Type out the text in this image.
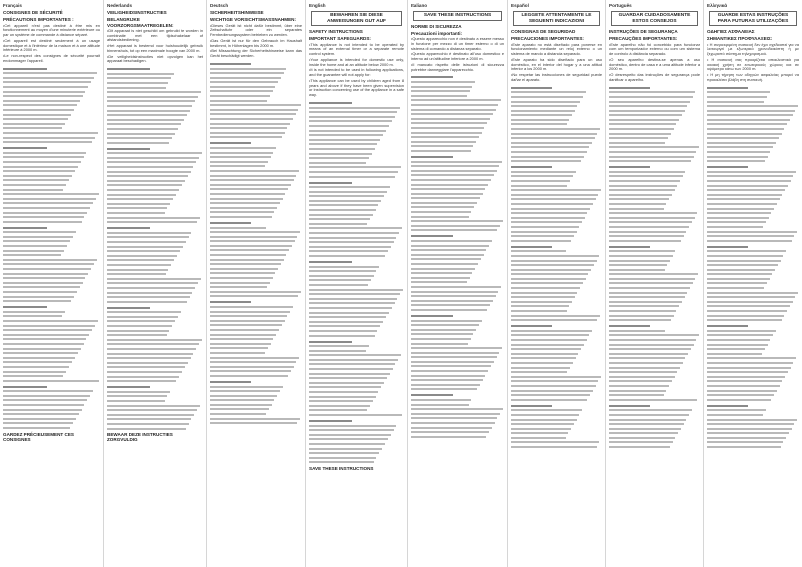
Français
CONSIGNES DE SÉCURITÉ
PRÉCAUTIONS IMPORTANTES :
•Cet appareil n'est pas destiné à être mis en fonctionnement au moyen d'une minuterie extérieure ou par un système de commande à distance séparé.
•Cet appareil est destiné seulement à un usage domestique et à l'intérieur de la maison et à une altitude inférieure à 2000 m.
•Le non-respect des consignes de sécurité pourrait endommager l'appareil.
GARDEZ PRÉCIEUSEMENT CES CONSIGNES
Nederlands
VEILIGHEIDSINSTRUCTIES
BELANGRIJKE VOORZORGSMAATREGELEN:
•Dit apparaat is niet geschikt om gebruikt te worden in combinatie met een tijdschakelaar of afstandsbediening.
•Het apparaat is bestemd voor huishoudelijk gebruik binnenshuis, tot op een maximale hoogte van 2000 m.
•De veiligheidsinstructies niet opvolgen kan het apparaat beschadigen.
BEWAAR DEZE INSTRUCTIES ZORGVULDIG
Deutsch
SICHERHEITSHINWEISE
WICHTIGE VORSICHTSMASSNAHMEN:
•Dieses Gerät ist nicht dafür bestimmt, über eine Zeitschaltuhr oder ein separates Fernbedienungssystem betrieben zu werden.
•Das Gerät ist nur für den Gebrauch im Haushalt bestimmt, in Höhenlagen bis 2000 m.
•Bei Missachtung der Sicherheitshinweise kann das Gerät beschädigt werden.
English
BEWAHREN SIE DIESE ANWEISUNGEN GUT AUF
SAFETY INSTRUCTIONS
IMPORTANT SAFEGUARDS:
•This appliance is not intended to be operated by means of an external timer or a separate remote control system.
•Your appliance is intended for domestic use only, inside the home and at an altitude below 2000 m.
•It is not intended to be used in following applications, and the guarantee will not apply for:
•This appliance can be used by children aged from 8 years and above if they have been given supervision or instruction concerning use of the appliance in a safe way.
SAVE THESE INSTRUCTIONS
Italiano
SAVE THESE INSTRUCTIONS
NORME DI SICUREZZA
Precauzioni importanti:
•Questo apparecchio non è destinato a essere messo in funzione per mezzo di un timer esterno o di un sistema di comando a distanza separato.
•Questo apparecchio è destinato all'uso domestico e interno ad un'altitudine inferiore a 2000 m.
•Il mancato rispetto delle istruzioni di sicurezza potrebbe danneggiare l'apparecchio.
Español
LEGGETE ATTENTAMENTE LE SEGUENTI INDICAZIONI
CONSIGNAS DE SEGURIDAD
PRECAUCIONES IMPORTANTES:
•Este aparato no está diseñado para ponerse en funcionamiento mediante un reloj externo o un sistema de mando a distancia separado.
•Este aparato ha sido diseñado para un uso doméstico, en el interior del hogar y a una altitud inferior a los 2000 m.
•No respetar las instrucciones de seguridad puede dañar el aparato.
Português
GUARDAR CUIDADOSAMENTE ESTOS CONSEJOS
INSTRUÇÕES DE SEGURANÇA
PRECAUÇÕES IMPORTANTES:
•Este aparelho não foi concebido para funcionar com um temporizador externo ou com um sistema de controlo à distância separado.
•O seu aparelho destina-se apenas a uso doméstico, dentro de casa e a uma altitude inferior a 2000 m.
•O desrespeito das instruções de segurança pode danificar o aparelho.
Ελληνικά
GUARDE ESTAS INSTRUÇÕES PARA FUTURAS UTILIZAÇÕES
ΟΔΗΓΙΕΣ ΑΣΦΑΛΕΙΑΣ
ΣΗΜΑΝΤΙΚΕΣ ΠΡΟΦΥΛΑΞΕΙΣ:
• Η συγκεκριμένη συσκευή δεν έχει σχεδιαστεί για να λειτουργεί με εξωτερικό χρονοδιακόπτη ή με ξεχωριστό σύστημα τηλεχειρισμού.
• Η συσκευή σας προορίζεται αποκλειστικά για οικιακή χρήση σε εσωτερικούς χώρους και σε υψόμετρο κάτω των 2000 m.
• Η μη τήρηση των οδηγιών ασφαλείας μπορεί να προκαλέσει βλάβη στη συσκευή.
